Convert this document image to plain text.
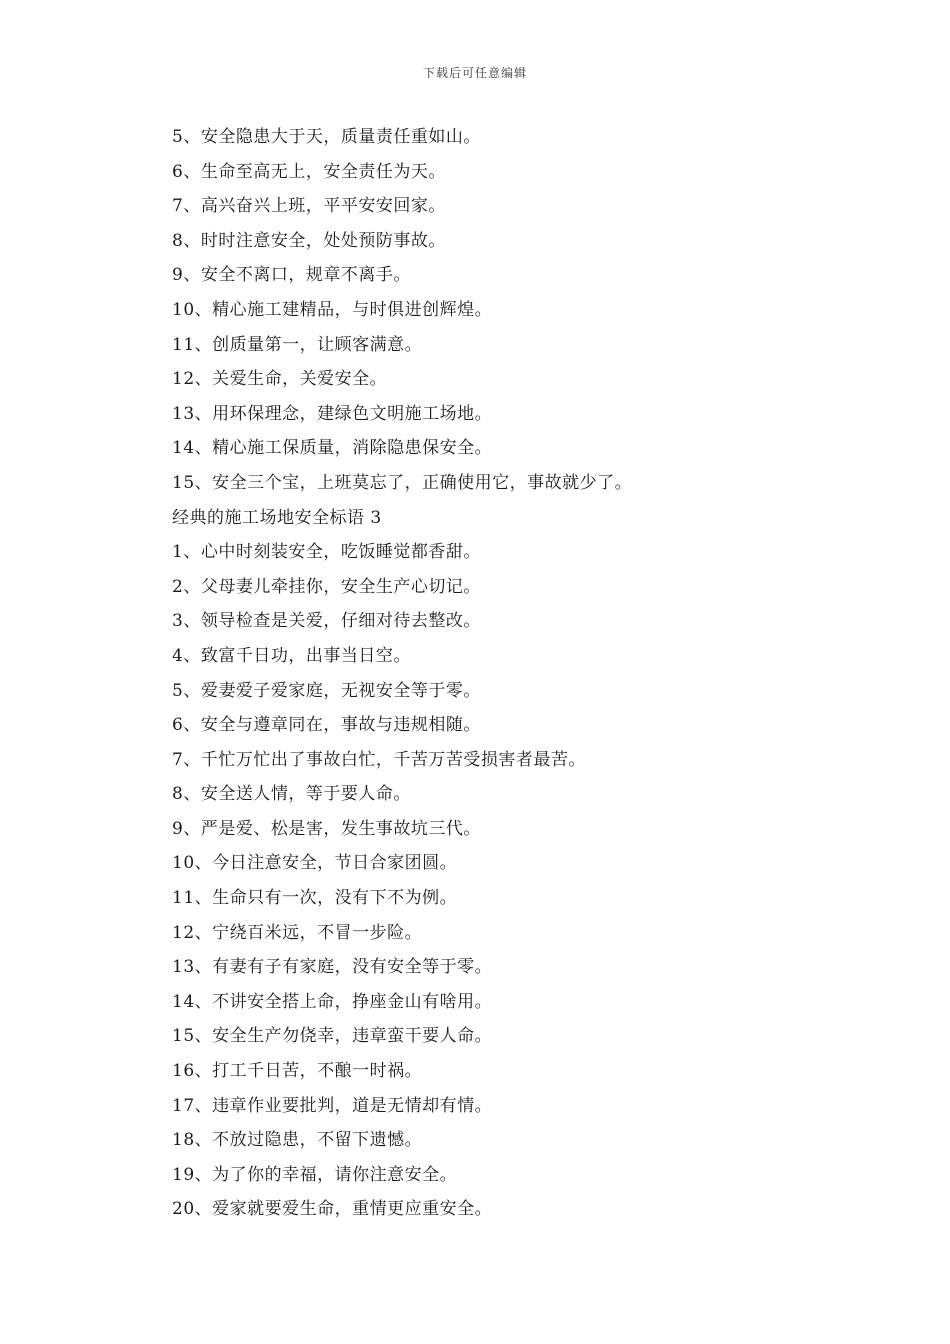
下载后可任意编辑
5、安全隐患大于天，质量责任重如山。
6、生命至高无上，安全责任为天。
7、高兴奋兴上班，平平安安回家。
8、时时注意安全，处处预防事故。
9、安全不离口，规章不离手。
10、精心施工建精品，与时俱进创辉煌。
11、创质量第一，让顾客满意。
12、关爱生命，关爱安全。
13、用环保理念，建绿色文明施工场地。
14、精心施工保质量，消除隐患保安全。
15、安全三个宝，上班莫忘了，正确使用它，事故就少了。
经典的施工场地安全标语 3
1、心中时刻装安全，吃饭睡觉都香甜。
2、父母妻儿牵挂你，安全生产心切记。
3、领导检查是关爱，仔细对待去整改。
4、致富千日功，出事当日空。
5、爱妻爱子爱家庭，无视安全等于零。
6、安全与遵章同在，事故与违规相随。
7、千忙万忙出了事故白忙，千苦万苦受损害者最苦。
8、安全送人情，等于要人命。
9、严是爱、松是害，发生事故坑三代。
10、今日注意安全，节日合家团圆。
11、生命只有一次，没有下不为例。
12、宁绕百米远，不冒一步险。
13、有妻有子有家庭，没有安全等于零。
14、不讲安全搭上命，挣座金山有啥用。
15、安全生产勿侥幸，违章蛮干要人命。
16、打工千日苦，不酿一时祸。
17、违章作业要批判，道是无情却有情。
18、不放过隐患，不留下遗憾。
19、为了你的幸福，请你注意安全。
20、爱家就要爱生命，重情更应重安全。
